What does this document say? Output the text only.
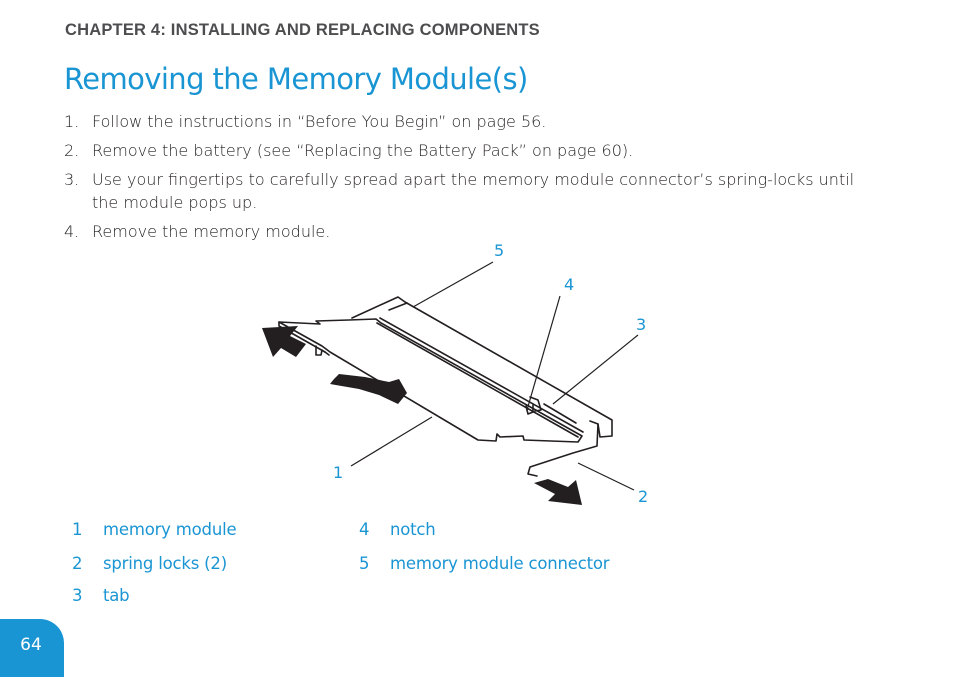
CHAPTER 4: INSTALLING AND REPLACING COMPONENTS
Removing the Memory Module(s)
1. Follow the instructions in “Before You Begin” on page 56.
2. Remove the battery (see “Replacing the Battery Pack” on page 60).
3. Use your fingertips to carefully spread apart the memory module connector’s spring-locks until the module pops up.
4. Remove the memory module.
1
2
3
4
5
1 memory module
2 spring locks (2)
3 tab
4 notch
5 memory module connector
64
